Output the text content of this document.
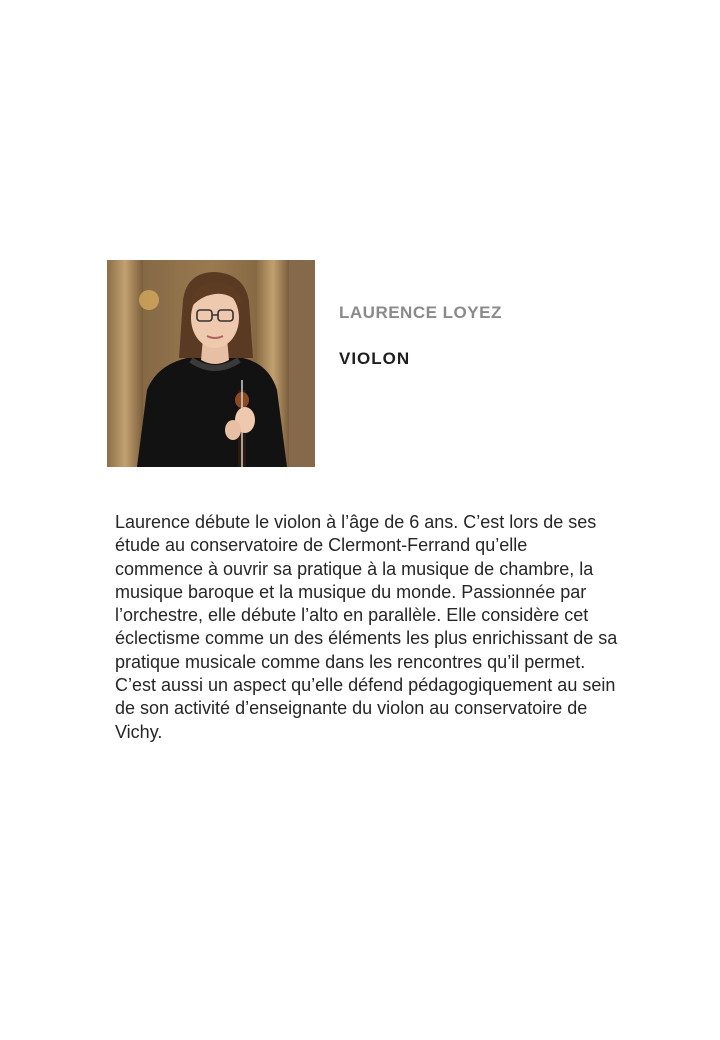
LAURENCE LOYEZ
VIOLON

Laurence débute le violon à l’âge de 6 ans. C’est lors de ses étude au conservatoire de Clermont-Ferrand qu’elle commence à ouvrir sa pratique à la musique de chambre, la musique baroque et la musique du monde. Passionnée par l’orchestre, elle débute l’alto en parallèle. Elle considère cet éclectisme comme un des éléments les plus enrichissant de sa pratique musicale comme dans les rencontres qu’il permet.

C’est aussi un aspect qu’elle défend pédagogiquement au sein de son activité d’enseignante du violon au conservatoire de Vichy.
